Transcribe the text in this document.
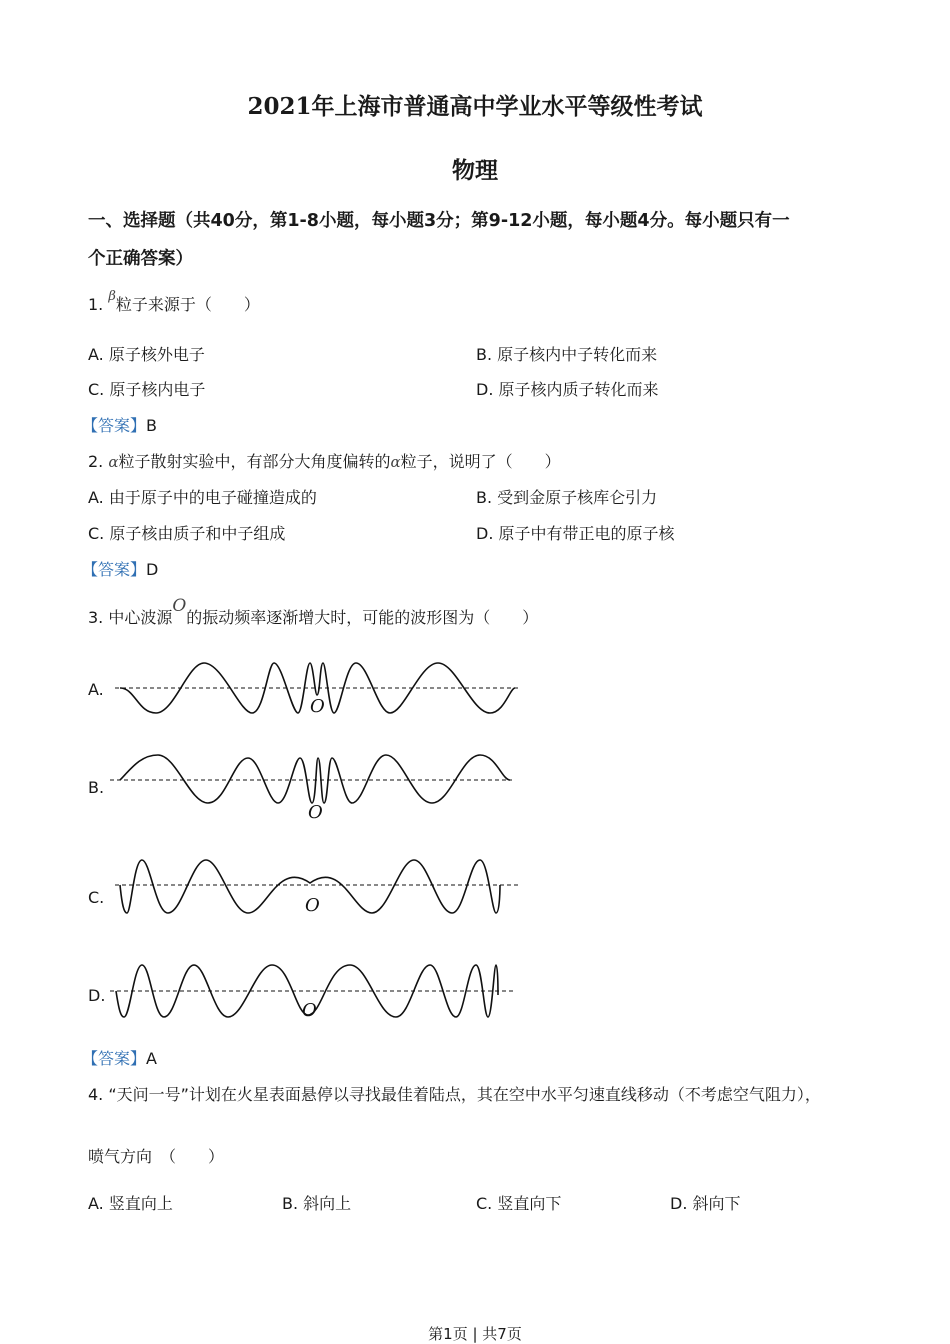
2021年上海市普通高中学业水平等级性考试
物理
一、选择题（共40分，第1-8小题，每小题3分；第9-12小题，每小题4分。每小题只有一
个正确答案）
1. $^\beta$粒子来源于（　　）
A. 原子核外电子	B. 原子核内中子转化而来
C. 原子核内电子	D. 原子核内质子转化而来
【答案】B
2. α粒子散射实验中，有部分大角度偏转的α粒子，说明了（　　）
A. 由于原子中的电子碰撞造成的	B. 受到金原子核库仑引力
C. 原子核由质子和中子组成	D. 原子中有带正电的原子核
【答案】D
3. 中心波源O的振动频率逐渐增大时，可能的波形图为（　　）
A.
O
B.
O
C.	O
D.
O
【答案】A
4. “天问一号”计划在火星表面悬停以寻找最佳着陆点，其在空中水平匀速直线移动（不考虑空气阻力），
喷气方向　（　　）
A. 竖直向上	B. 斜向上	C. 竖直向下	D. 斜向下
第1页 | 共7页
